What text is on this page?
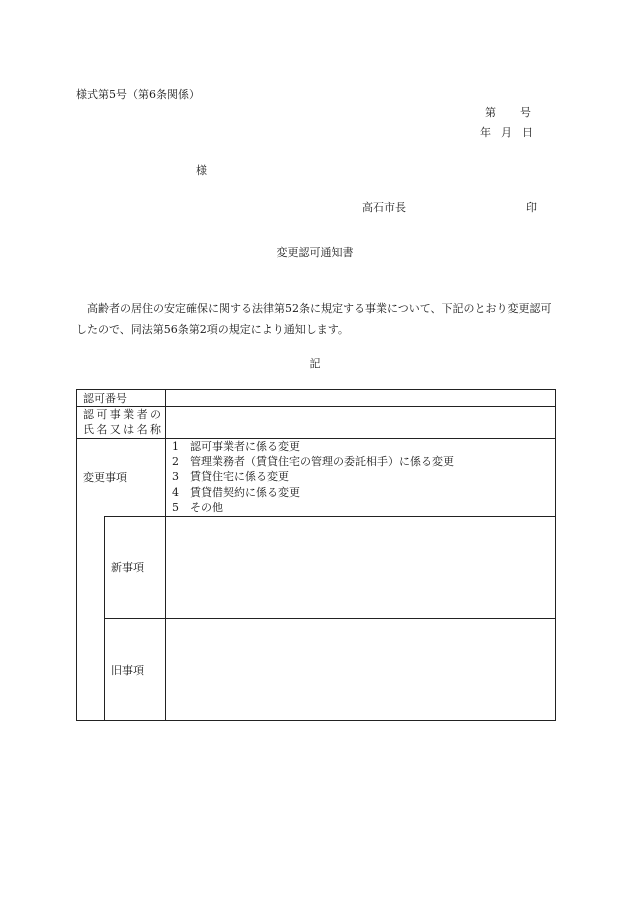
様式第5号（第6条関係）
第 号
年 月 日
様
高石市長	印
変更認可通知書
高齢者の居住の安定確保に関する法律第52条に規定する事業について、下記のとおり変更認可したので、同法第56条第2項の規定により通知します。
記
認可番号
認 可 事 業 者 の
氏 名 又 は 名 称
変更事項
1 認可事業者に係る変更
2 管理業務者（賃貸住宅の管理の委託相手）に係る変更
3 賃貸住宅に係る変更
4 賃貸借契約に係る変更
5 その他
新事項
旧事項
